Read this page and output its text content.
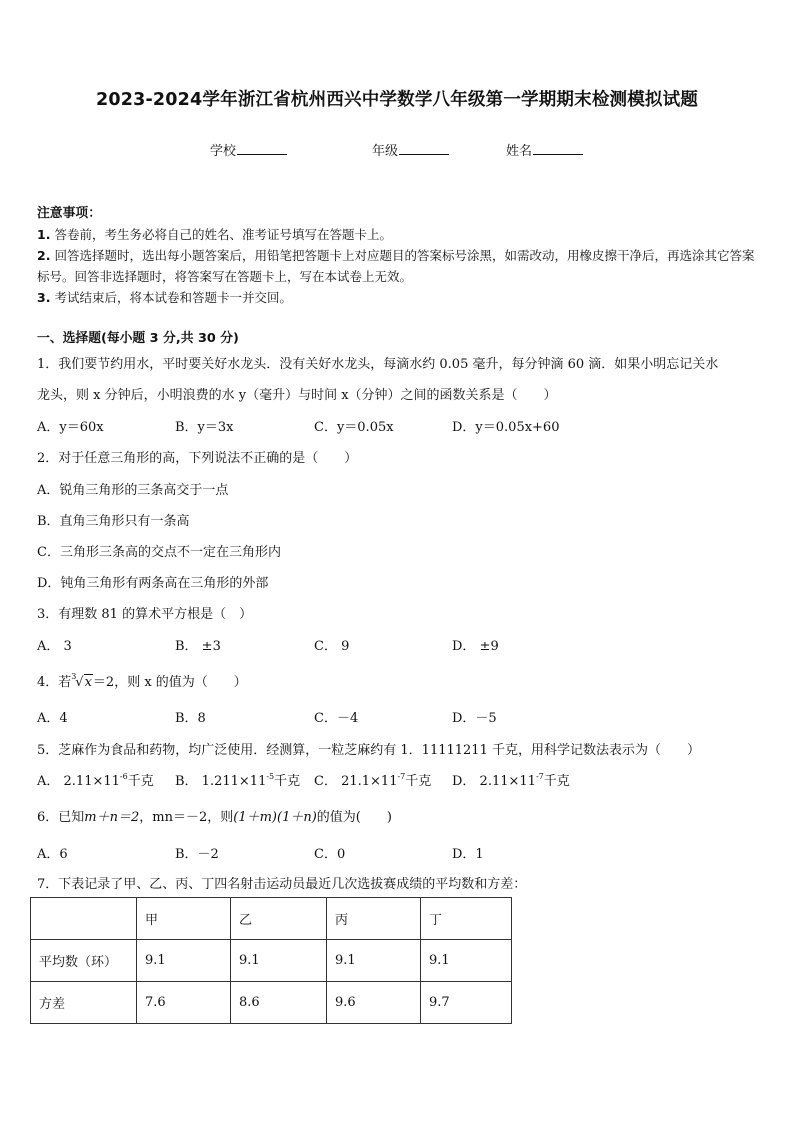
2023-2024学年浙江省杭州西兴中学数学八年级第一学期期末检测模拟试题
学校	年级	姓名
注意事项：
1. 答卷前，考生务必将自己的姓名、准考证号填写在答题卡上。
2. 回答选择题时，选出每小题答案后，用铅笔把答题卡上对应题目的答案标号涂黑，如需改动，用橡皮擦干净后，再选涂其它答案标号。回答非选择题时，将答案写在答题卡上，写在本试卷上无效。
3. 考试结束后，将本试卷和答题卡一并交回。
一、选择题(每小题 3 分,共 30 分)
1．我们要节约用水，平时要关好水龙头．没有关好水龙头，每滴水约 0.05 毫升，每分钟滴 60 滴．如果小明忘记关水
龙头，则 x 分钟后，小明浪费的水 y（毫升）与时间 x（分钟）之间的函数关系是（　　）
A．y＝60x	B．y＝3x	C．y＝0.05x	D．y＝0.05x+60
2．对于任意三角形的高，下列说法不正确的是（　　）
A．锐角三角形的三条高交于一点
B．直角三角形只有一条高
C．三角形三条高的交点不一定在三角形内
D．钝角三角形有两条高在三角形的外部
3．有理数 81 的算术平方根是（　）
A． 3	B． ±3	C． 9	D． ±9
4．若 3
√x＝2，则 x 的值为（　　）
A．4	B．8	C．－4	D．－5
5．芝麻作为食品和药物，均广泛使用．经测算，一粒芝麻约有 1．11111211 千克，用科学记数法表示为（　　）
A． $2.11\times 11^{-6}$千克 B． $1.211\times 11^{-5}$千克 C． $21.1\times 11^{-7}$千克 D． $2.11\times 11^{-7}$千克
6．已知m＋n＝2，mn＝－2，则(1＋m)(1＋n)的值为(　　)
A．6	B．－2	C．0	D．1
7．下表记录了甲、乙、丙、丁四名射击运动员最近几次选拔赛成绩的平均数和方差：
	甲	乙	丙	丁
平均数（环）	9.1	9.1	9.1	9.1
方差	7.6	8.6	9.6	9.7
